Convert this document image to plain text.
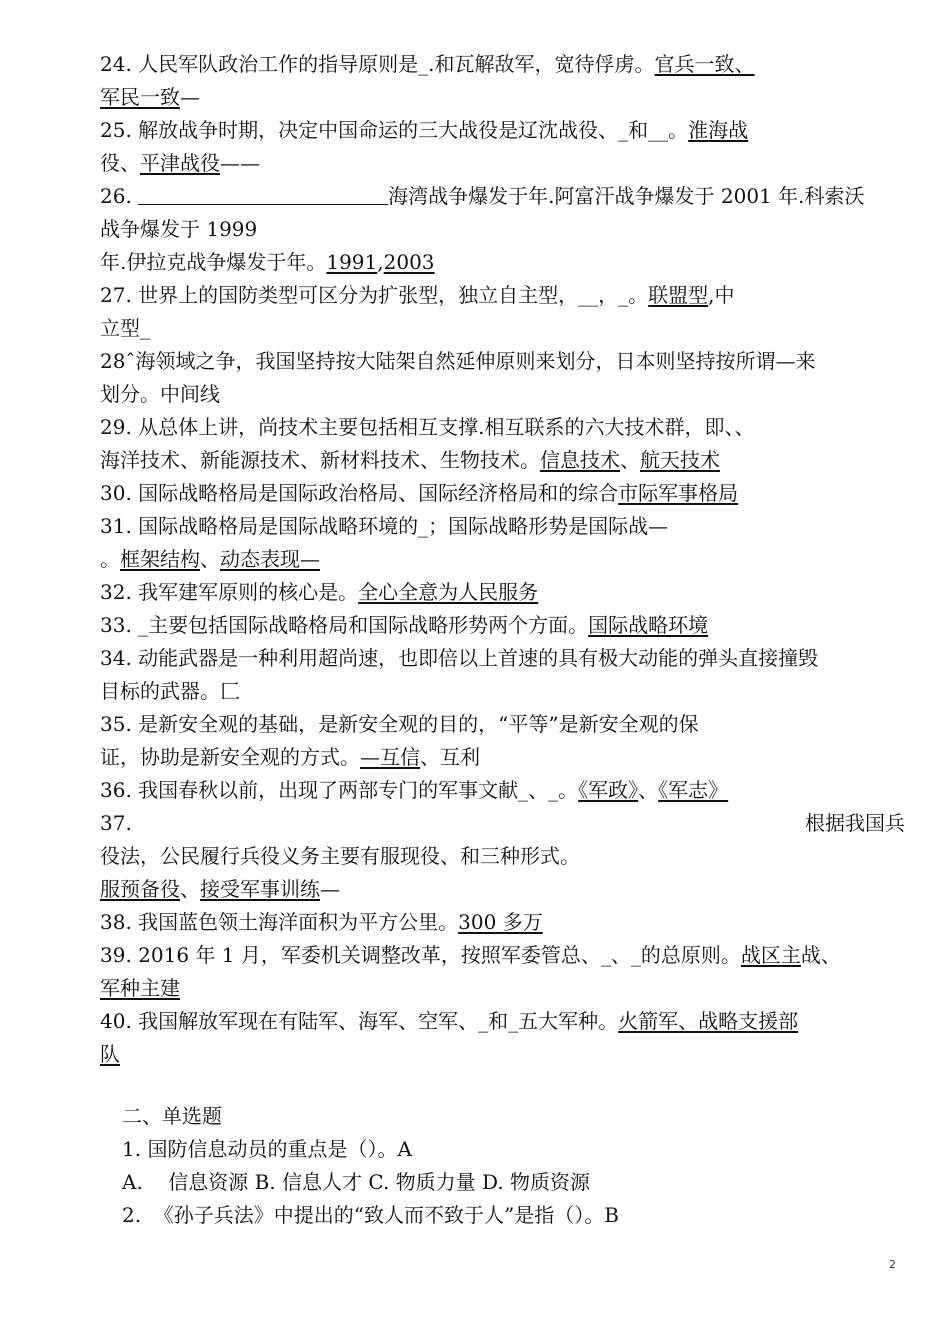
24. 人民军队政治工作的指导原则是_.和瓦解敌军，宽待俘虏。官兵一致、
军民一致—
25. 解放战争时期，决定中国命运的三大战役是辽沈战役、_和__。淮海战
役、平津战役——
26.	海湾战争爆发于年.阿富汗战争爆发于 2001 年.科索沃
战争爆发于 1999
年.伊拉克战争爆发于年。1991,2003
27. 世界上的国防类型可区分为扩张型，独立自主型，__，_。联盟型,中
立型_
28ˆ海领域之争，我国坚持按大陆架自然延伸原则来划分，日本则坚持按所谓—来
划分。中间线
29. 从总体上讲，尚技术主要包括相互支撑.相互联系的六大技术群，即、、
海洋技术、新能源技术、新材料技术、生物技术。信息技术、航天技术
30. 国际战略格局是国际政治格局、国际经济格局和的综合市际军事格局
31. 国际战略格局是国际战略环境的_；国际战略形势是国际战—
。框架结构、动态表现—
32. 我军建军原则的核心是。全心全意为人民服务
33. _主要包括国际战略格局和国际战略形势两个方面。国际战略环境
34. 动能武器是一种利用超尚速，也即倍以上首速的具有极大动能的弹头直接撞毁
目标的武器。匚
35. 是新安全观的基础，是新安全观的目的，“平等”是新安全观的保
证，协助是新安全观的方式。—互信、互利
36. 我国春秋以前，出现了两部专门的军事文献_、_。《军政》、《军志》
37.	根据我国兵
役法，公民履行兵役义务主要有服现役、和三种形式。
服预备役、接受军事训练—
38. 我国蓝色领土海洋面积为平方公里。300 多万
39. 2016 年 1 月，军委机关调整改革，按照军委管总、_、_的总原则。战区主战、
军种主建
40. 我国解放军现在有陆军、海军、空军、_和_五大军种。火箭军、战略支援部
队
二、单选题
1. 国防信息动员的重点是（）。A
A.    信息资源 B. 信息人才 C. 物质力量 D. 物质资源
2.  《孙子兵法》中提出的“致人而不致于人”是指（）。B
2
